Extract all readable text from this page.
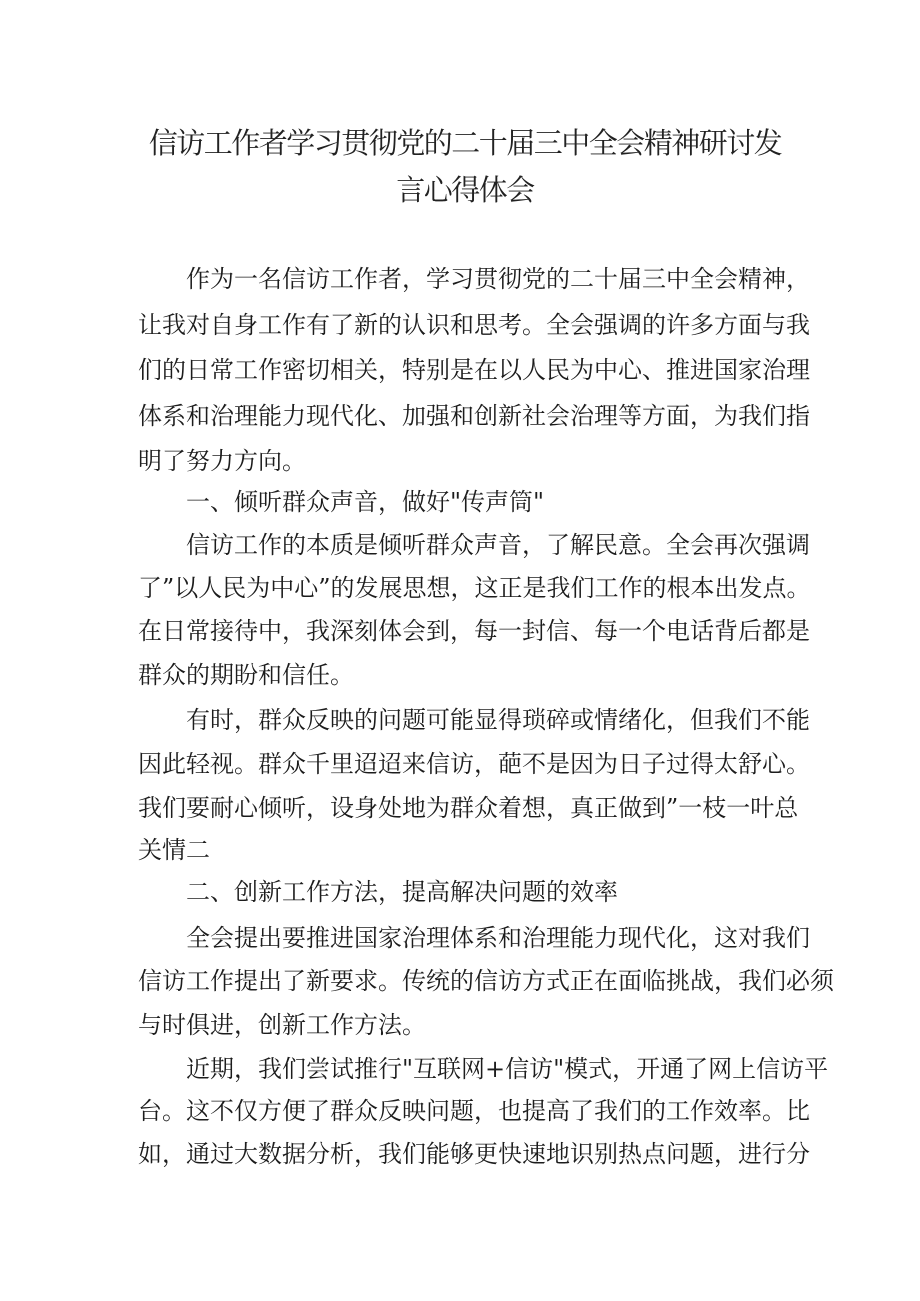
信访工作者学习贯彻党的二十届三中全会精神研讨发
言心得体会
作为一名信访工作者，学习贯彻党的二十届三中全会精神，
让我对自身工作有了新的认识和思考。全会强调的许多方面与我
们的日常工作密切相关，特别是在以人民为中心、推进国家治理
体系和治理能力现代化、加强和创新社会治理等方面，为我们指
明了努力方向。
一、倾听群众声音，做好"传声筒"
信访工作的本质是倾听群众声音，了解民意。全会再次强调
了”以人民为中心”的发展思想，这正是我们工作的根本出发点。
在日常接待中，我深刻体会到，每一封信、每一个电话背后都是
群众的期盼和信任。
有时，群众反映的问题可能显得琐碎或情绪化，但我们不能
因此轻视。群众千里迢迢来信访，葩不是因为日子过得太舒心。
我们要耐心倾听，设身处地为群众着想，真正做到”一枝一叶总
关情二
二、创新工作方法，提高解决问题的效率
全会提出要推进国家治理体系和治理能力现代化，这对我们
信访工作提出了新要求。传统的信访方式正在面临挑战，我们必须
与时俱进，创新工作方法。
近期，我们尝试推行"互联网+信访"模式，开通了网上信访平
台。这不仅方便了群众反映问题，也提高了我们的工作效率。比
如，通过大数据分析，我们能够更快速地识别热点问题，进行分
